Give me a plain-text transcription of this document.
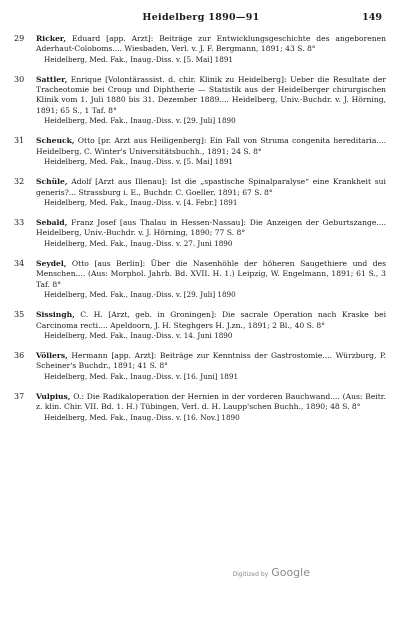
Heidelberg 1890—91	149
29 Ricker, Eduard [app. Arzt]: Beiträge zur Entwicklungsgeschichte des angeborenen Aderhaut-Coloboms.... Wiesbaden, Verl. v. J. F. Bergmann, 1891; 43 S. 8°

Heidelberg, Med. Fak., Inaug.-Diss. v. [5. Mai] 1891

30 Sattler, Enrique [Volontärassist. d. chir. Klinik zu Heidelberg]: Ueber die Resultate der Tracheotomie bei Croup und Diphtherie — Statistik aus der Heidelberger chirurgischen Klinik vom 1. Juli 1880 bis 31. Dezember 1889.... Heidelberg, Univ.-Buchdr. v. J. Hörning, 1891; 65 S., 1 Taf. 8°

Heidelberg, Med. Fak., Inaug.-Diss. v. [29. Juli] 1890

31 Scheuck, Otto [pr. Arzt aus Heiligenberg]: Ein Fall von Struma congenita hereditaria.... Heidelberg, C. Winter's Universitätsbuchh., 1891; 24 S. 8°

Heidelberg, Med. Fak., Inaug.-Diss. v. [5. Mai] 1891

32 Schüle, Adolf [Arzt aus Illenau]: Ist die „spastische Spinalparalyse“ eine Krankheit sui generis?... Strassburg i. E., Buchdr. C. Goeller, 1891; 67 S. 8°

Heidelberg, Med. Fak., Inaug.-Diss. v. [4. Febr.] 1891

33 Sebald, Franz Josef [aus Thalau in Hessen-Nassau]: Die Anzeigen der Geburtszange.... Heidelberg, Univ.-Buchdr. v. J. Hörning, 1890; 77 S. 8°

Heidelberg, Med. Fak., Inaug.-Diss. v. 27. Juni 1890

34 Seydel, Otto [aus Berlin]: Über die Nasenhöhle der höheren Saugethiere und des Menschen.... (Aus: Morphol. Jahrb. Bd. XVII. H. 1.) Leipzig, W. Engelmann, 1891; 61 S., 3 Taf. 8°

Heidelberg, Med. Fak., Inaug.-Diss. v. [29. Juli] 1890

35 Sissingh, C. H. [Arzt, geb. in Groningen]: Die sacrale Operation nach Kraske bei Carcinoma recti.... Apeldoorn, J. H. Steghgers H. J.zn., 1891; 2 Bl., 40 S. 8°

Heidelberg, Med. Fak., Inaug.-Diss. v. 14. Juni 1890

36 Völlers, Hermann [app. Arzt]: Beiträge zur Kenntniss der Gastrostomie.... Würzburg, P. Scheiner's Buchdr., 1891; 41 S. 8°

Heidelberg, Med. Fak., Inaug.-Diss. v. [16. Juni] 1891

37 Vulpius, O.: Die Radikaloperation der Hernien in der vorderen Bauchwand.... (Aus: Beitr. z. klin. Chir. VII. Bd. 1. H.) Tübingen, Verl. d. H. Laupp'schen Buchh., 1890; 48 S. 8°

Heidelberg, Med. Fak., Inaug.-Diss. v. [16. Nov.] 1890

Digitized by Google
